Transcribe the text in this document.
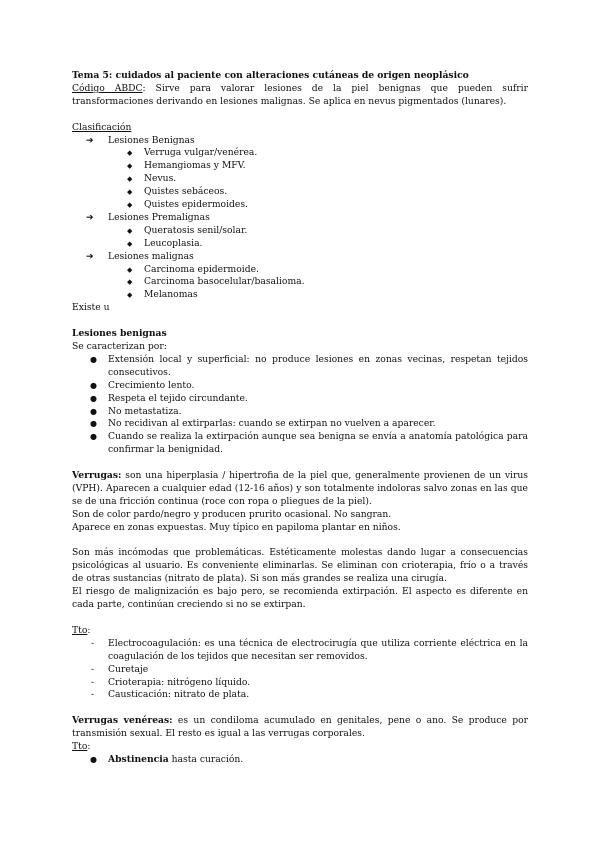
Tema 5: cuidados al paciente con alteraciones cutáneas de origen neoplásico

Código ABDC: Sirve para valorar lesiones de la piel benignas que pueden sufrir transformaciones derivando en lesiones malignas. Se aplica en nevus pigmentados (lunares).

Clasificación

➔ Lesiones Benignas
◆ Verruga vulgar/venérea.
◆ Hemangiomas y MFV.
◆ Nevus.
◆ Quistes sebáceos.
◆ Quistes epidermoides.
➔ Lesiones Premalignas
◆ Queratosis senil/solar.
◆ Leucoplasia.
➔ Lesiones malignas
◆ Carcinoma epidermoide.
◆ Carcinoma basocelular/basalioma.
◆ Melanomas

Existe u

Lesiones benignas

Se caracterizan por:

● Extensión local y superficial: no produce lesiones en zonas vecinas, respetan tejidos consecutivos.
● Crecimiento lento.
● Respeta el tejido circundante.
● No metastatiza.
● No recidivan al extirparlas: cuando se extirpan no vuelven a aparecer.
● Cuando se realiza la extirpación aunque sea benigna se envía a anatomía patológica para confirmar la benignidad.

Verrugas: son una hiperplasia / hipertrofia de la piel que, generalmente provienen de un virus (VPH). Aparecen a cualquier edad (12-16 años) y son totalmente indoloras salvo zonas en las que se de una fricción continua (roce con ropa o pliegues de la piel).

Son de color pardo/negro y producen prurito ocasional. No sangran.

Aparece en zonas expuestas. Muy típico en papiloma plantar en niños.

Son más incómodas que problemáticas. Estéticamente molestas dando lugar a consecuencias psicológicas al usuario. Es conveniente eliminarlas. Se eliminan con crioterapia, frío o a través de otras sustancias (nitrato de plata). Si son más grandes se realiza una cirugía.

El riesgo de malignización es bajo pero, se recomienda extirpación. El aspecto es diferente en cada parte, continúan creciendo si no se extirpan.

Tto:

- Electrocoagulación: es una técnica de electrocirugía que utiliza corriente eléctrica en la coagulación de los tejidos que necesitan ser removidos.
- Curetaje
- Crioterapia: nitrógeno líquido.
- Causticación: nitrato de plata.

Verrugas venéreas: es un condiloma acumulado en genitales, pene o ano. Se produce por transmisión sexual. El resto es igual a las verrugas corporales.

Tto:

● Abstinencia hasta curación.
